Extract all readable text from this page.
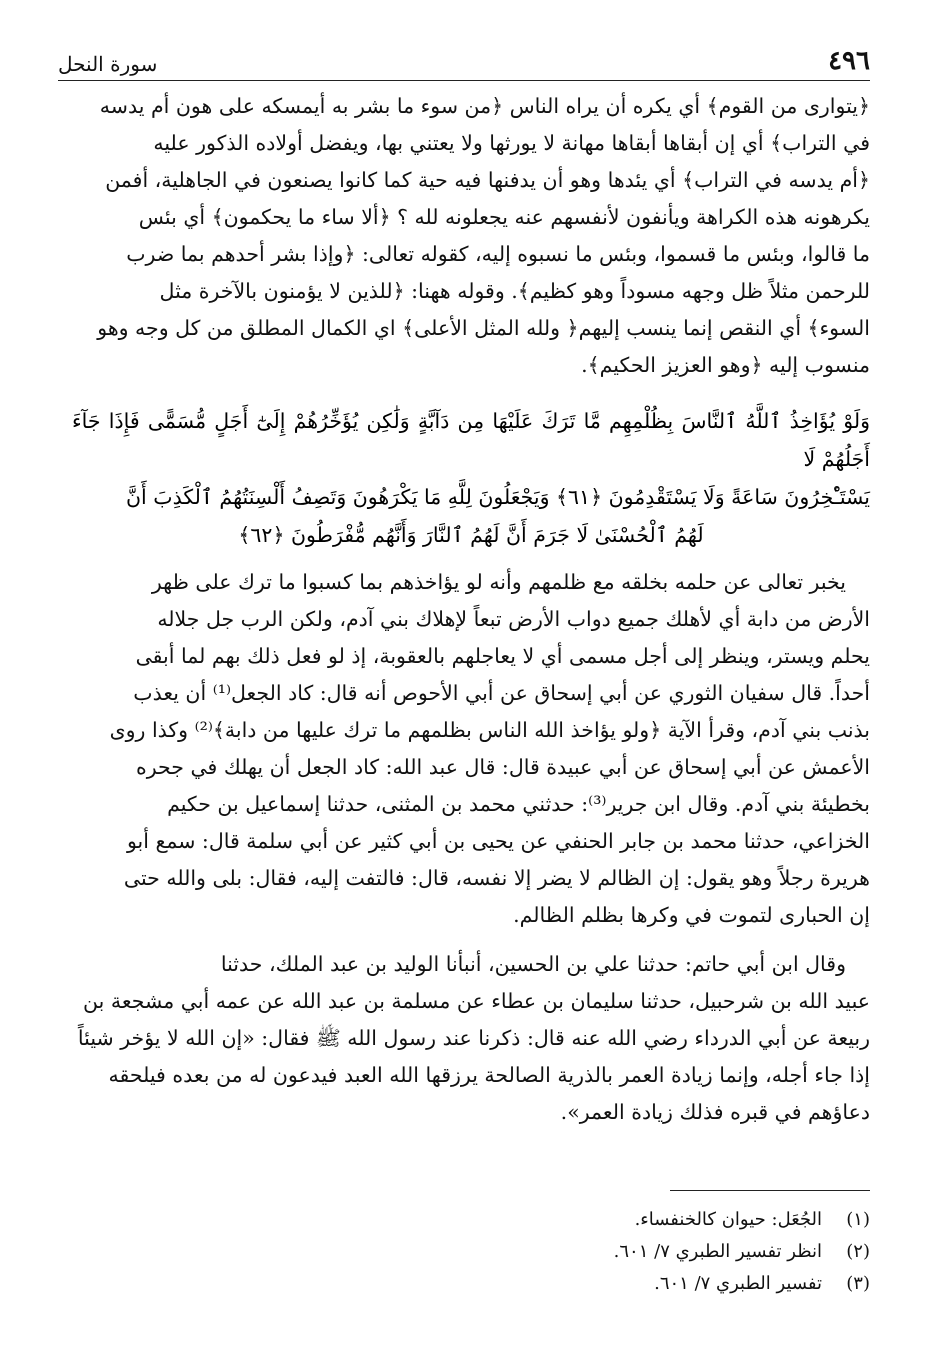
٤٩٦
سورة النحل

﴿يتوارى من القوم﴾ أي يكره أن يراه الناس ﴿من سوء ما بشر به أيمسكه على هون أم يدسه

في التراب﴾ أي إن أبقاها أبقاها مهانة لا يورثها ولا يعتني بها، ويفضل أولاده الذكور عليه

﴿أم يدسه في التراب﴾ أي يئدها وهو أن يدفنها فيه حية كما كانوا يصنعون في الجاهلية، أفمن

يكرهونه هذه الكراهة ويأنفون لأنفسهم عنه يجعلونه لله ؟ ﴿ألا ساء ما يحكمون﴾ أي بئس

ما قالوا، وبئس ما قسموا، وبئس ما نسبوه إليه، كقوله تعالى: ﴿وإذا بشر أحدهم بما ضرب

للرحمن مثلاً ظل وجهه مسوداً وهو كظيم﴾. وقوله ههنا: ﴿للذين لا يؤمنون بالآخرة مثل

السوء﴾ أي النقص إنما ينسب إليهم﴿ ولله المثل الأعلى﴾ اي الكمال المطلق من كل وجه وهو

منسوب إليه ﴿وهو العزيز الحكيم﴾.

وَلَوْ يُؤَاخِذُ ٱللَّهُ ٱلنَّاسَ بِظُلْمِهِم مَّا تَرَكَ عَلَيْهَا مِن دَآبَّةٍ وَلَٰكِن يُؤَخِّرُهُمْ إِلَىٰٓ أَجَلٍ مُّسَمًّى فَإِذَا جَآءَ أَجَلُهُمْ لَا

يَسْتَـْٔخِرُونَ سَاعَةً وَلَا يَسْتَقْدِمُونَ ﴿٦١﴾ وَيَجْعَلُونَ لِلَّهِ مَا يَكْرَهُونَ وَتَصِفُ أَلْسِنَتُهُمُ ٱلْكَذِبَ أَنَّ

لَهُمُ ٱلْحُسْنَىٰ لَا جَرَمَ أَنَّ لَهُمُ ٱلنَّارَ وَأَنَّهُم مُّفْرَطُونَ ﴿٦٢﴾

يخبر تعالى عن حلمه بخلقه مع ظلمهم وأنه لو يؤاخذهم بما كسبوا ما ترك على ظهر

الأرض من دابة أي لأهلك جميع دواب الأرض تبعاً لإهلاك بني آدم، ولكن الرب جل جلاله

يحلم ويستر، وينظر إلى أجل مسمى أي لا يعاجلهم بالعقوبة، إذ لو فعل ذلك بهم لما أبقى

أحداً. قال سفيان الثوري عن أبي إسحاق عن أبي الأحوص أنه قال: كاد الجعل⁽¹⁾ أن يعذب

بذنب بني آدم، وقرأ الآية ﴿ولو يؤاخذ الله الناس بظلمهم ما ترك عليها من دابة﴾⁽²⁾ وكذا روى

الأعمش عن أبي إسحاق عن أبي عبيدة قال: قال عبد الله: كاد الجعل أن يهلك في جحره

بخطيئة بني آدم. وقال ابن جرير⁽³⁾: حدثني محمد بن المثنى، حدثنا إسماعيل بن حكيم

الخزاعي، حدثنا محمد بن جابر الحنفي عن يحيى بن أبي كثير عن أبي سلمة قال: سمع أبو

هريرة رجلاً وهو يقول: إن الظالم لا يضر إلا نفسه، قال: فالتفت إليه، فقال: بلى والله حتى

إن الحبارى لتموت في وكرها بظلم الظالم.

وقال ابن أبي حاتم: حدثنا علي بن الحسين، أنبأنا الوليد بن عبد الملك، حدثنا

عبيد الله بن شرحبيل، حدثنا سليمان بن عطاء عن مسلمة بن عبد الله عن عمه أبي مشجعة بن

ربيعة عن أبي الدرداء رضي الله عنه قال: ذكرنا عند رسول الله ﷺ فقال: «إن الله لا يؤخر شيئاً

إذا جاء أجله، وإنما زيادة العمر بالذرية الصالحة يرزقها الله العبد فيدعون له من بعده فيلحقه

دعاؤهم في قبره فذلك زيادة العمر».

(١)
الجُعَل: حيوان كالخنفساء.
(٢)
انظر تفسير الطبري ٧/ ٦٠١.
(٣)
تفسير الطبري ٧/ ٦٠١.
